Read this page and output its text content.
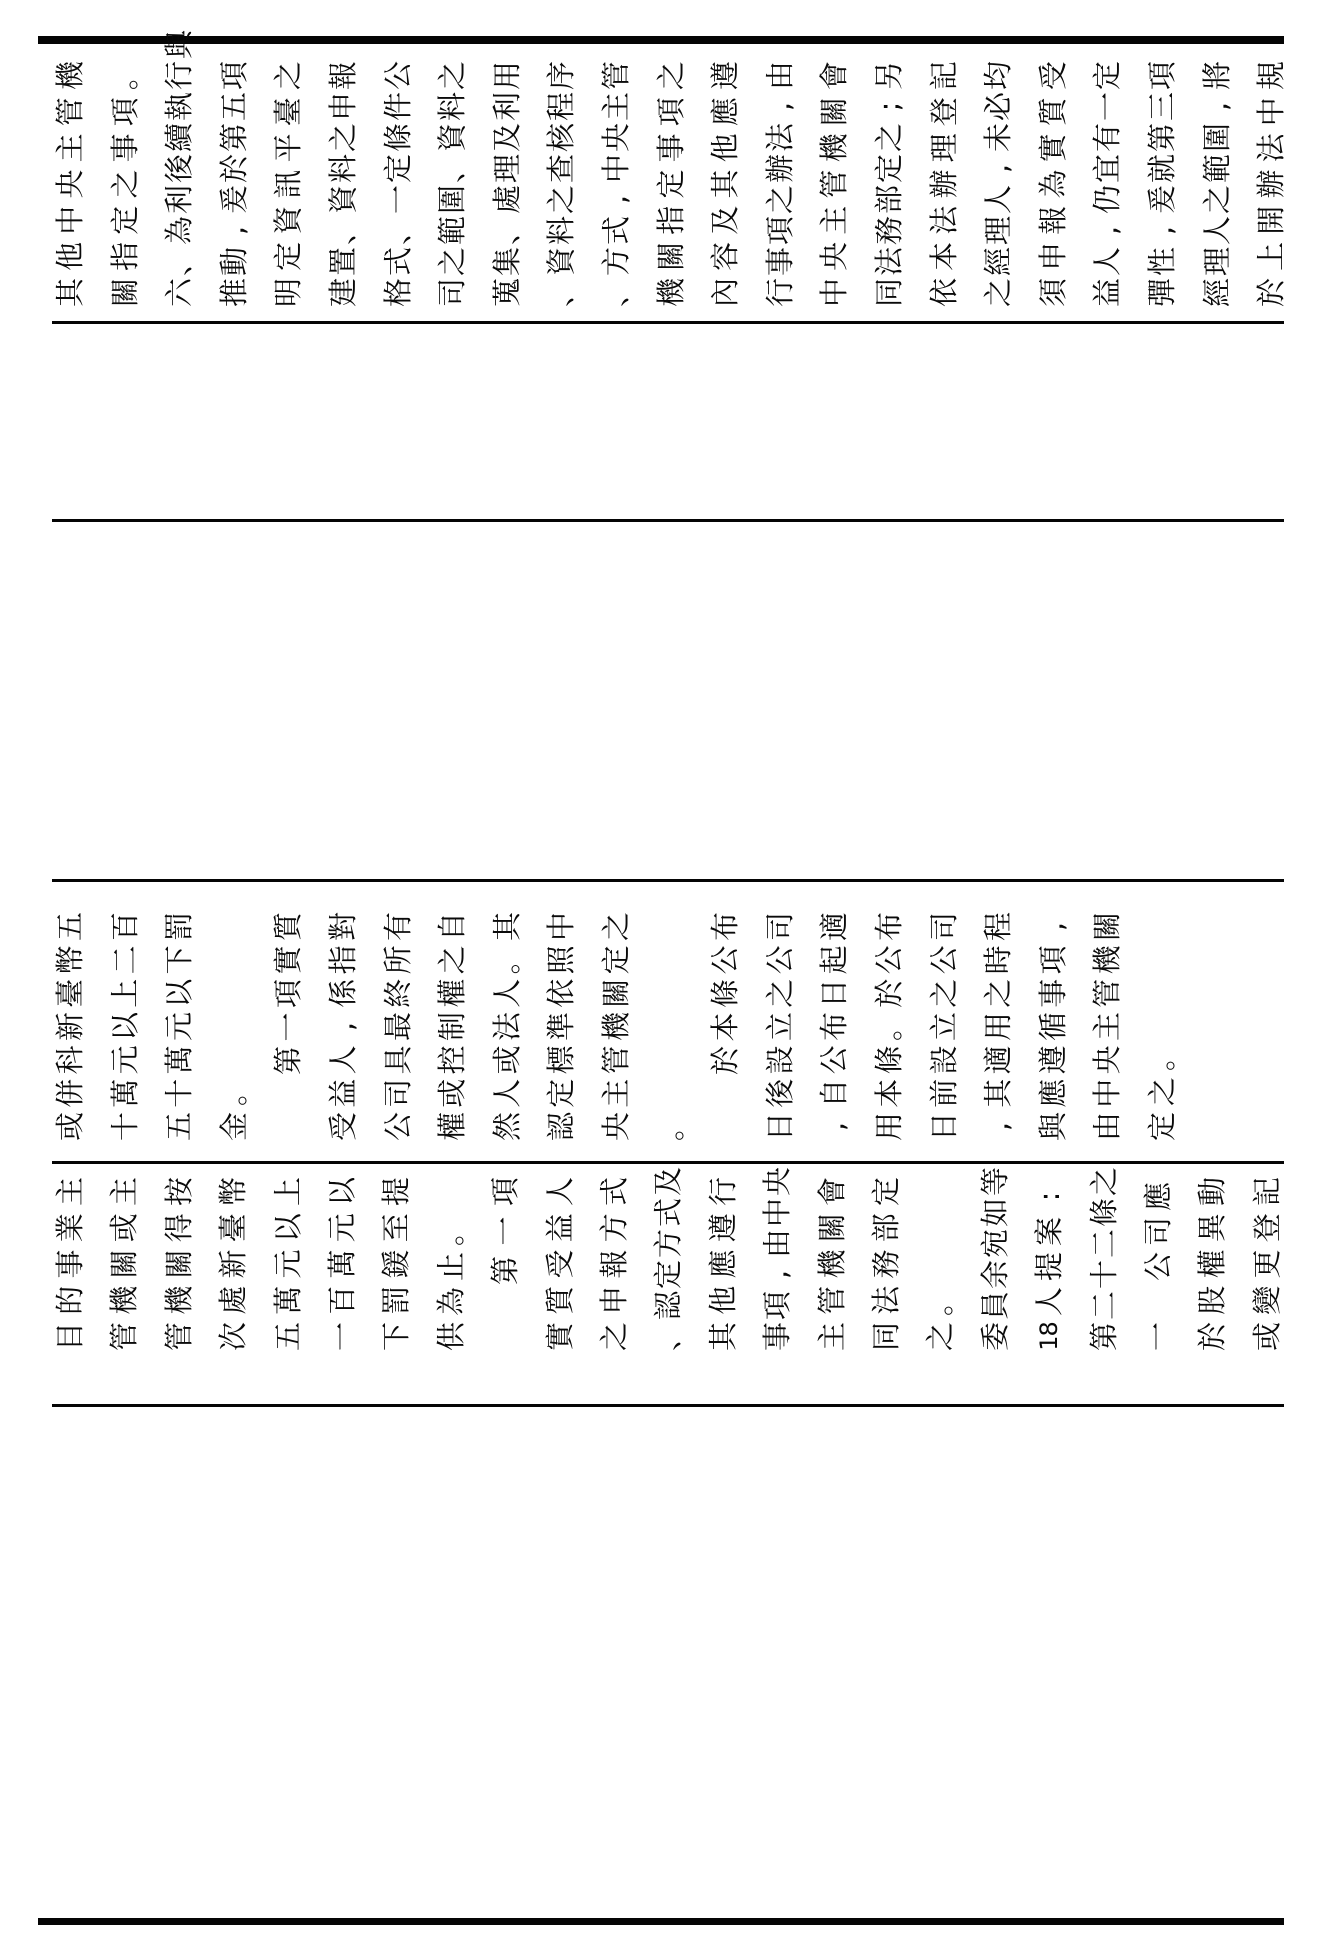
其
他
中
央
主
管
機
關
指
定
之
事
項
。
六
、
為
利
後
續
執
行
與
推
動
,
爰
於
第
五
項
明
定
資
訊
平
臺
之
建
置
、
資
料
之
申
報
格
式
、
一
定
條
件
公
司
之
範
圍
、
資
料
之
蒐
集
、
處
理
及
利
用
、
資
料
之
查
核
程
序
、
方
式
,
中
央
主
管
機
關
指
定
事
項
之
內
容
及
其
他
應
遵
行
事
項
之
辦
法
,
由
中
央
主
管
機
關
會
同
法
務
部
定
之
;
另
依
本
法
辦
理
登
記
之
經
理
人
,
未
必
均
須
申
報
為
實
質
受
益
人
,
仍
宜
有
一
定
彈
性
,
爰
就
第
三
項
經
理
人
之
範
圍
,
將
於
上
開
辦
法
中
規
或
併
科
新
臺
幣
五
十
萬
元
以
上
二
百
五
十
萬
元
以
下
罰
金
。
第
一
項
實
質
受
益
人
,
係
指
對
公
司
具
最
終
所
有
權
或
控
制
權
之
自
然
人
或
法
人
。
其
認
定
標
準
依
照
中
央
主
管
機
關
定
之
。
於
本
條
公
布
日
後
設
立
之
公
司
,
自
公
布
日
起
適
用
本
條
。
於
公
布
日
前
設
立
之
公
司
,
其
適
用
之
時
程
與
應
遵
循
事
項
,
由
中
央
主
管
機
關
定
之
。
目
的
事
業
主
管
機
關
或
主
管
機
關
得
按
次
處
新
臺
幣
五
萬
元
以
上
一
百
萬
元
以
下
罰
鍰
至
提
供
為
止
。
第
一
項
實
質
受
益
人
之
申
報
方
式
、
認
定
方
式
及
其
他
應
遵
行
事
項
,
由
中
央
主
管
機
關
會
同
法
務
部
定
之
。
委
員
余
宛
如
等
18
人
提
案
:
第
二
十
二
條
之
一
公
司
應
於
股
權
異
動
或
變
更
登
記
